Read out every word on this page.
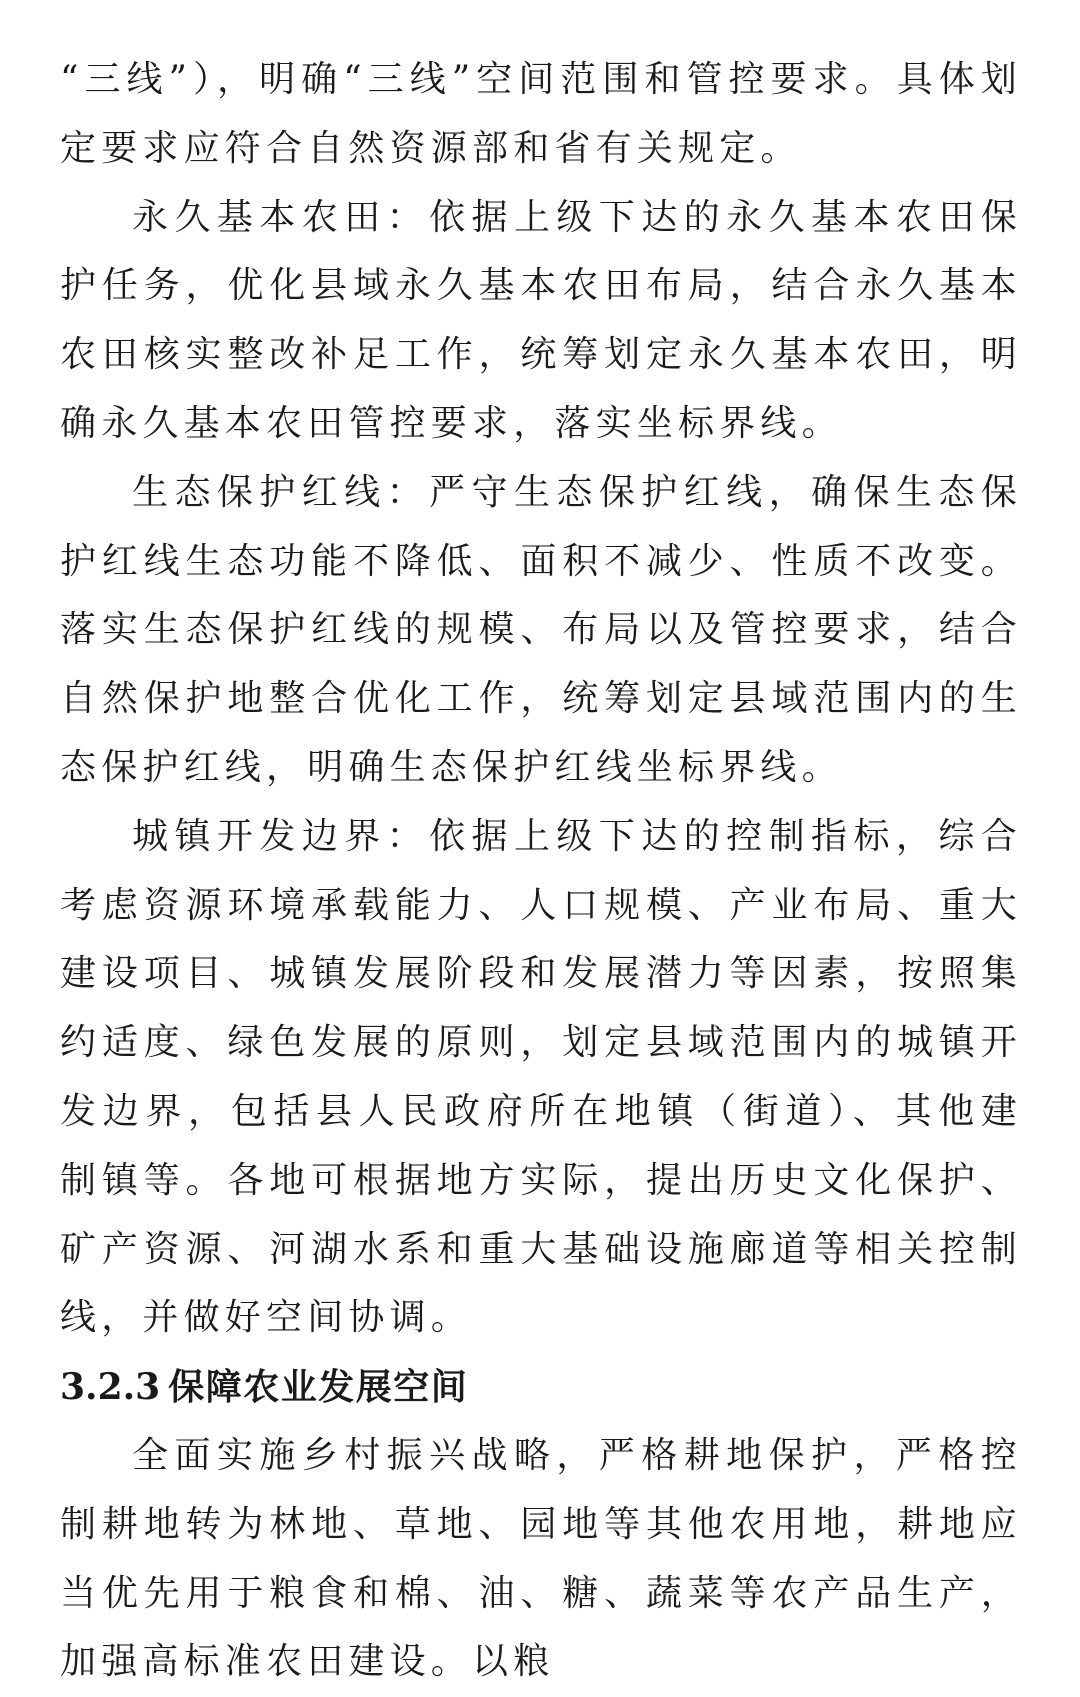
“三线”），明确“三线”空间范围和管控要求。具体划定要求应符合自然资源部和省有关规定。

永久基本农田：依据上级下达的永久基本农田保护任务，优化县域永久基本农田布局，结合永久基本农田核实整改补足工作，统筹划定永久基本农田，明确永久基本农田管控要求，落实坐标界线。

生态保护红线：严守生态保护红线，确保生态保护红线生态功能不降低、面积不减少、性质不改变。落实生态保护红线的规模、布局以及管控要求，结合自然保护地整合优化工作，统筹划定县域范围内的生态保护红线，明确生态保护红线坐标界线。

城镇开发边界：依据上级下达的控制指标，综合考虑资源环境承载能力、人口规模、产业布局、重大建设项目、城镇发展阶段和发展潜力等因素，按照集约适度、绿色发展的原则，划定县域范围内的城镇开发边界，包括县人民政府所在地镇（街道）、其他建制镇等。各地可根据地方实际，提出历史文化保护、矿产资源、河湖水系和重大基础设施廊道等相关控制线，并做好空间协调。

3.2.3 保障农业发展空间

全面实施乡村振兴战略，严格耕地保护，严格控制耕地转为林地、草地、园地等其他农用地，耕地应当优先用于粮食和棉、油、糖、蔬菜等农产品生产，加强高标准农田建设。以粮
